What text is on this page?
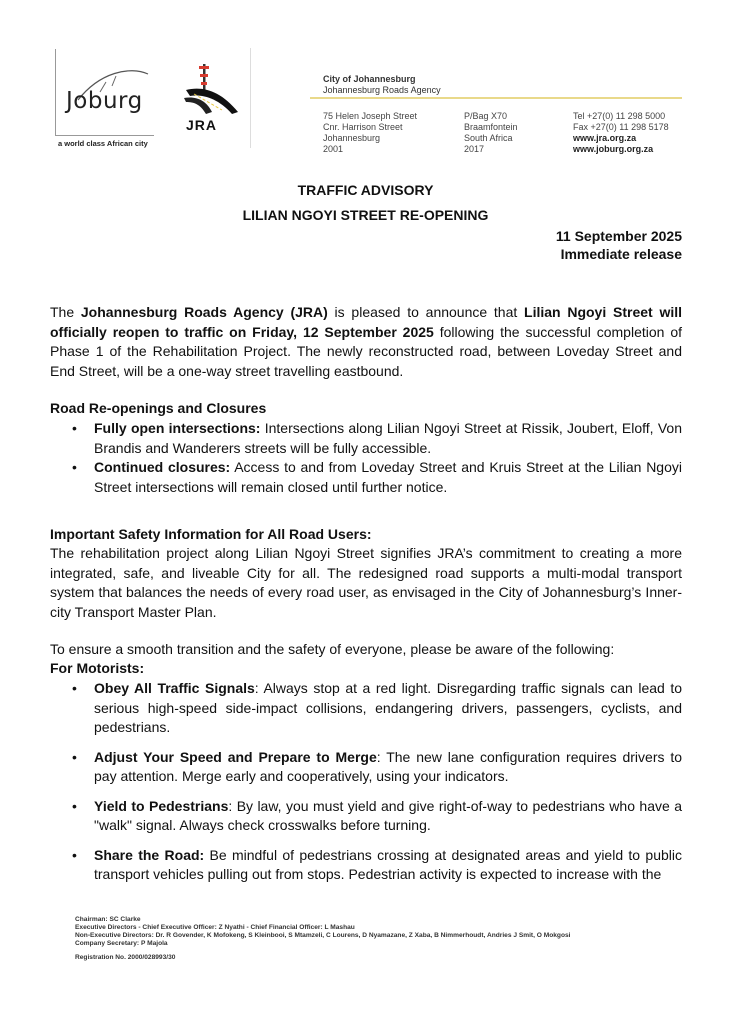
Joburg
a world class African city
JRA
City of Johannesburg
Johannesburg Roads Agency
75 Helen Joseph Street
Cnr. Harrison Street
Johannesburg
2001
P/Bag X70
Braamfontein
South Africa
2017
Tel +27(0) 11 298 5000
Fax +27(0) 11 298 5178
www.jra.org.za
www.joburg.org.za
TRAFFIC ADVISORY
LILIAN NGOYI STREET RE-OPENING
11 September 2025
Immediate release
The Johannesburg Roads Agency (JRA) is pleased to announce that Lilian Ngoyi Street will officially reopen to traffic on Friday, 12 September 2025 following the successful completion of Phase 1 of the Rehabilitation Project. The newly reconstructed road, between Loveday Street and End Street, will be a one-way street travelling eastbound.
Road Re-openings and Closures
• Fully open intersections: Intersections along Lilian Ngoyi Street at Rissik, Joubert, Eloff, Von Brandis and Wanderers streets will be fully accessible.
• Continued closures: Access to and from Loveday Street and Kruis Street at the Lilian Ngoyi Street intersections will remain closed until further notice.
Important Safety Information for All Road Users:
The rehabilitation project along Lilian Ngoyi Street signifies JRA’s commitment to creating a more integrated, safe, and liveable City for all. The redesigned road supports a multi-modal transport system that balances the needs of every road user, as envisaged in the City of Johannesburg’s Inner-city Transport Master Plan.
To ensure a smooth transition and the safety of everyone, please be aware of the following:
For Motorists:
• Obey All Traffic Signals: Always stop at a red light. Disregarding traffic signals can lead to serious high-speed side-impact collisions, endangering drivers, passengers, cyclists, and pedestrians.
• Adjust Your Speed and Prepare to Merge: The new lane configuration requires drivers to pay attention. Merge early and cooperatively, using your indicators.
• Yield to Pedestrians: By law, you must yield and give right-of-way to pedestrians who have a "walk" signal. Always check crosswalks before turning.
• Share the Road: Be mindful of pedestrians crossing at designated areas and yield to public transport vehicles pulling out from stops. Pedestrian activity is expected to increase with the
Chairman: SC Clarke
Executive Directors - Chief Executive Officer: Z Nyathi - Chief Financial Officer: L Mashau
Non-Executive Directors: Dr. R Govender, K Mofokeng, S Kleinbooi, S Mtamzeli, C Lourens, D Nyamazane, Z Xaba, B Nimmerhoudt, Andries J Smit, O Mokgosi
Company Secretary: P Majola
Registration No. 2000/028993/30
